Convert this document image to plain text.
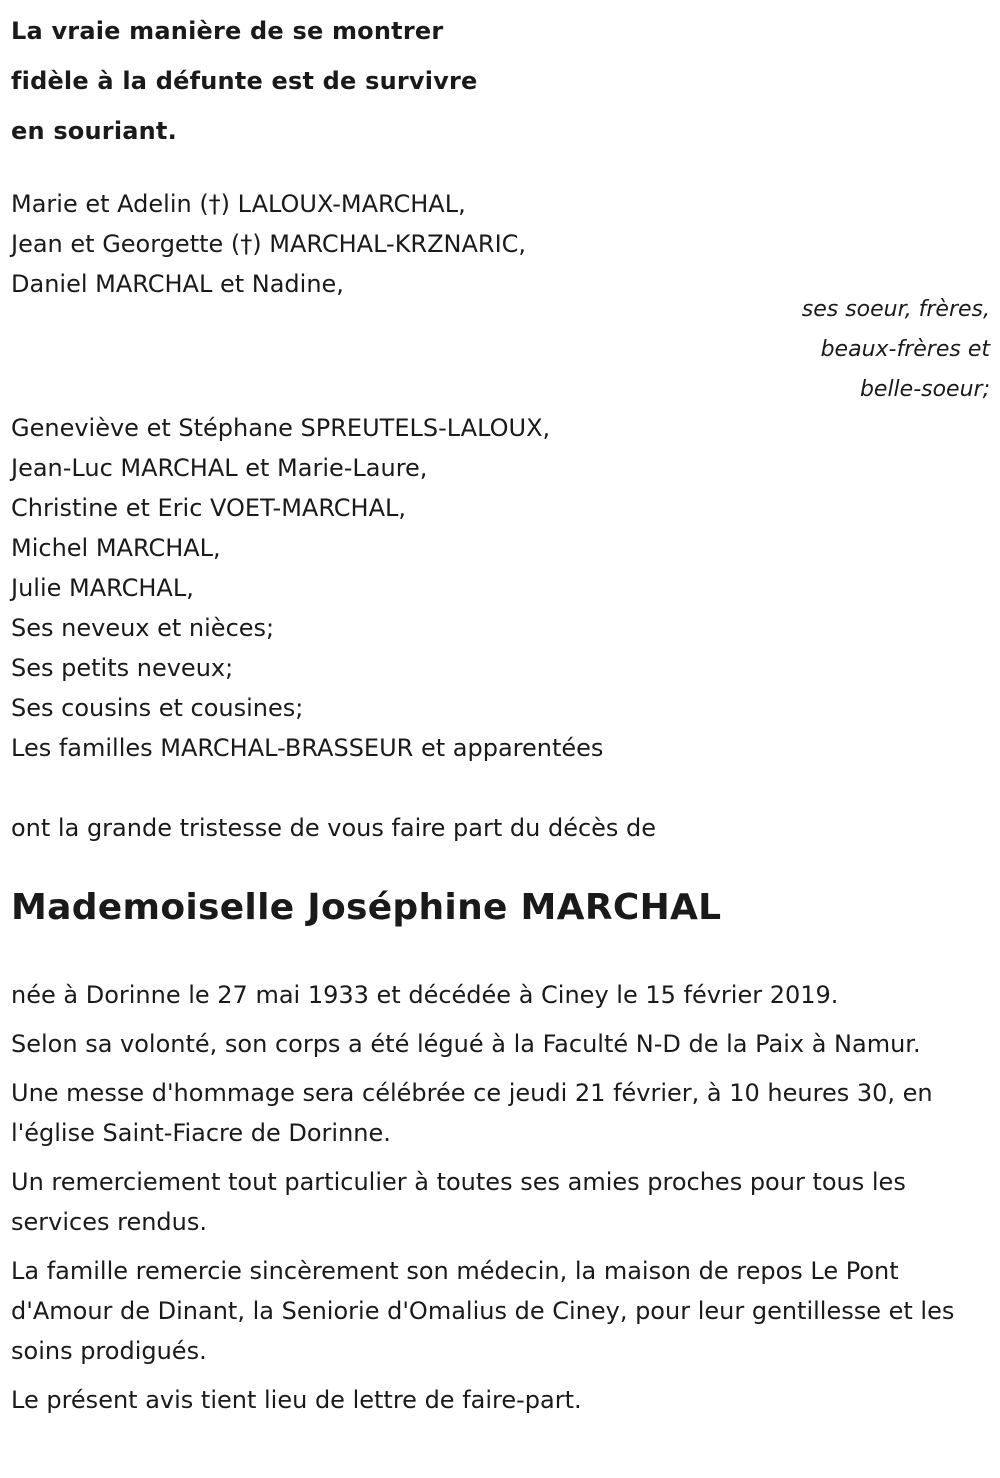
La vraie manière de se montrer
fidèle à la défunte est de survivre
en souriant.
Marie et Adelin (†) LALOUX-MARCHAL,
Jean et Georgette (†) MARCHAL-KRZNARIC,
Daniel MARCHAL et Nadine,
ses soeur, frères,
beaux-frères et
belle-soeur;
Geneviève et Stéphane SPREUTELS-LALOUX,
Jean-Luc MARCHAL et Marie-Laure,
Christine et Eric VOET-MARCHAL,
Michel MARCHAL,
Julie MARCHAL,
Ses neveux et nièces;
Ses petits neveux;
Ses cousins et cousines;
Les familles MARCHAL-BRASSEUR et apparentées
ont la grande tristesse de vous faire part du décès de
Mademoiselle Joséphine MARCHAL

née à Dorinne le 27 mai 1933 et décédée à Ciney le 15 février 2019.

Selon sa volonté, son corps a été légué à la Faculté N-D de la Paix à Namur.

Une messe d'hommage sera célébrée ce jeudi 21 février, à 10 heures 30, en l'église Saint-Fiacre de Dorinne.

Un remerciement tout particulier à toutes ses amies proches pour tous les services rendus.

La famille remercie sincèrement son médecin, la maison de repos Le Pont d'Amour de Dinant, la Seniorie d'Omalius de Ciney, pour leur gentillesse et les soins prodigués.

Le présent avis tient lieu de lettre de faire-part.
